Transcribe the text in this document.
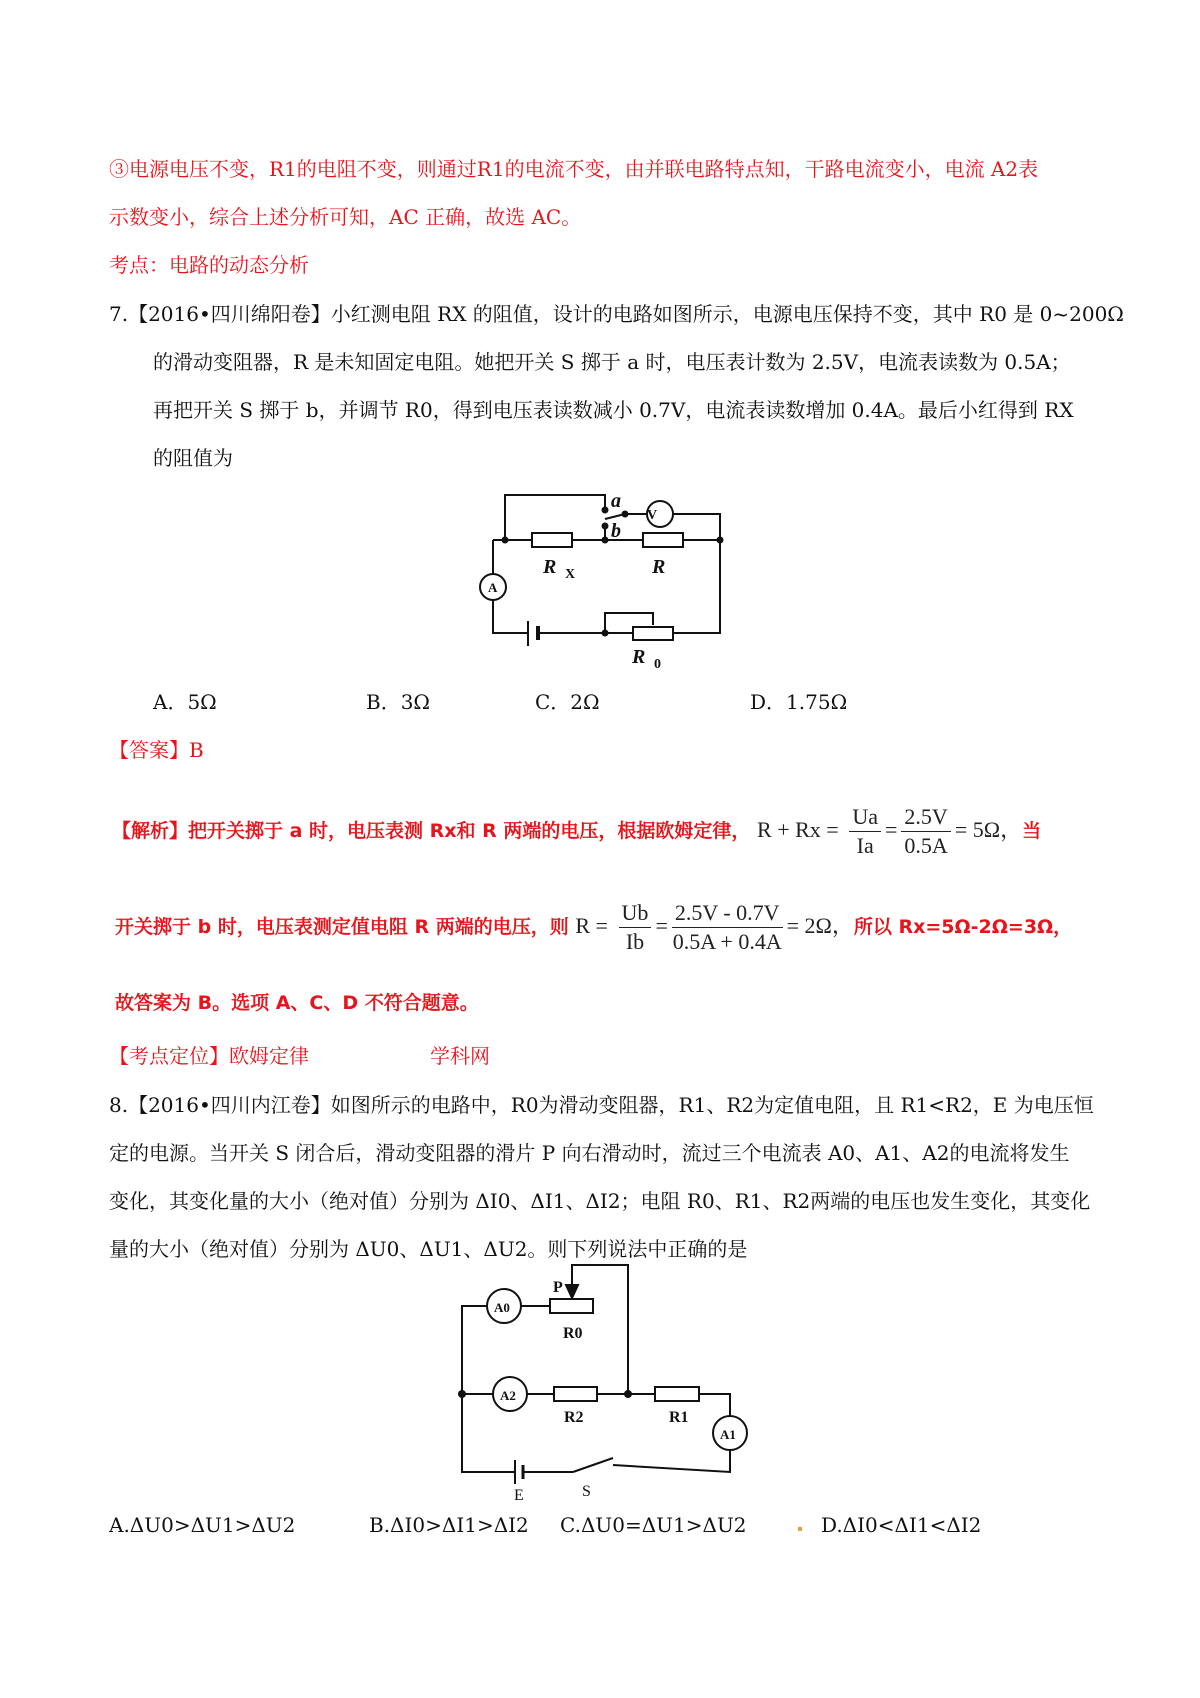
③电源电压不变，R1的电阻不变，则通过R1的电流不变，由并联电路特点知，干路电流变小，电流 A2表
示数变小，综合上述分析可知，AC 正确，故选 AC。
考点：电路的动态分析
7.【2016•四川绵阳卷】小红测电阻 RX 的阻值，设计的电路如图所示，电源电压保持不变，其中 R0 是 0~200Ω
的滑动变阻器，R 是未知固定电阻。她把开关 S 掷于 a 时，电压表计数为 2.5V，电流表读数为 0.5A；
再把开关 S 掷于 b，并调节 R0，得到电压表读数减小 0.7V，电流表读数增加 0.4A。最后小红得到 RX
的阻值为
a
b
V
A
R X	R
R 0
A．5Ω	B．3Ω	C．2Ω	D．1.75Ω
【答案】B
【解析】把开关掷于 a 时，电压表测 Rx和 R 两端的电压，根据欧姆定律， $R + Rx = \frac{Ua}{Ia} = \frac{2.5V}{0.5A} = 5\Omega$，当
开关掷于 b 时，电压表测定值电阻 R 两端的电压，则 $R = \frac{Ub}{Ib} = \frac{2.5V - 0.7V}{0.5A + 0.4A} = 2\Omega$，所以 Rx=5Ω-2Ω=3Ω，
故答案为 B。选项 A、C、D 不符合题意。
【考点定位】欧姆定律	学科网
8.【2016•四川内江卷】如图所示的电路中，R0为滑动变阻器，R1、R2为定值电阻，且 R1<R2，E 为电压恒
定的电源。当开关 S 闭合后，滑动变阻器的滑片 P 向右滑动时，流过三个电流表 A0、A1、A2的电流将发生
变化，其变化量的大小（绝对值）分别为 ΔI0、ΔI1、ΔI2；电阻 R0、R1、R2两端的电压也发生变化，其变化
量的大小（绝对值）分别为 ΔU0、ΔU1、ΔU2。则下列说法中正确的是
P
A0
A2
A1
R0
R2	R1
E	S
A.ΔU0>ΔU1>ΔU2	B.ΔI0>ΔI1>ΔI2 C.ΔU0=ΔU1>ΔU2	D.ΔI0<ΔI1<ΔI2
